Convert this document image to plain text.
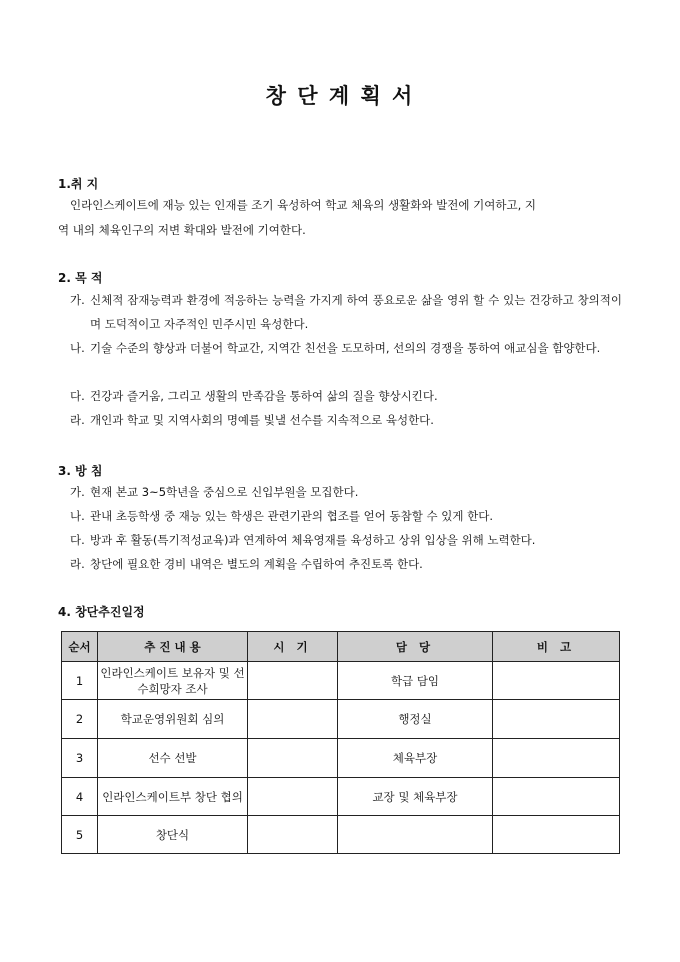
창 단 계 획 서
1.취 지
인라인스케이트에 재능 있는 인재를 조기 육성하여 학교 체육의 생활화와 발전에 기여하고, 지
역 내의 체육인구의 저변 확대와 발전에 기여한다.
2. 목 적
가. 신체적 잠재능력과 환경에 적응하는 능력을 가지게 하여 풍요로운 삶을 영위 할 수 있는 건강하고 창의적이며 도덕적이고 자주적인 민주시민 육성한다.
나. 기술 수준의 향상과 더불어 학교간, 지역간 친선을 도모하며, 선의의 경쟁을 통하여 애교심을 함양한다.
다. 건강과 즐거움, 그리고 생활의 만족감을 통하여 삶의 질을 향상시킨다.
라. 개인과 학교 및 지역사회의 명예를 빛낼 선수를 지속적으로 육성한다.
3. 방 침
가. 현재 본교 3~5학년을 중심으로 신입부원을 모집한다.
나. 관내 초등학생 중 재능 있는 학생은 관련기관의 협조를 얻어 동참할 수 있게 한다.
다. 방과 후 활동(특기적성교육)과 연계하여 체육영재를 육성하고 상위 입상을 위해 노력한다.
라. 창단에 필요한 경비 내역은 별도의 계획을 수립하여 추진토록 한다.
4. 창단추진일정
순서	추 진 내 용	시 기	담 당	비 고
1	인라인스케이트 보유자 및 선수희망자 조사		학급 담임	
2	학교운영위원회 심의		행정실	
3	선수 선발		체육부장	
4	인라인스케이트부 창단 협의		교장 및 체육부장	
5	창단식			
